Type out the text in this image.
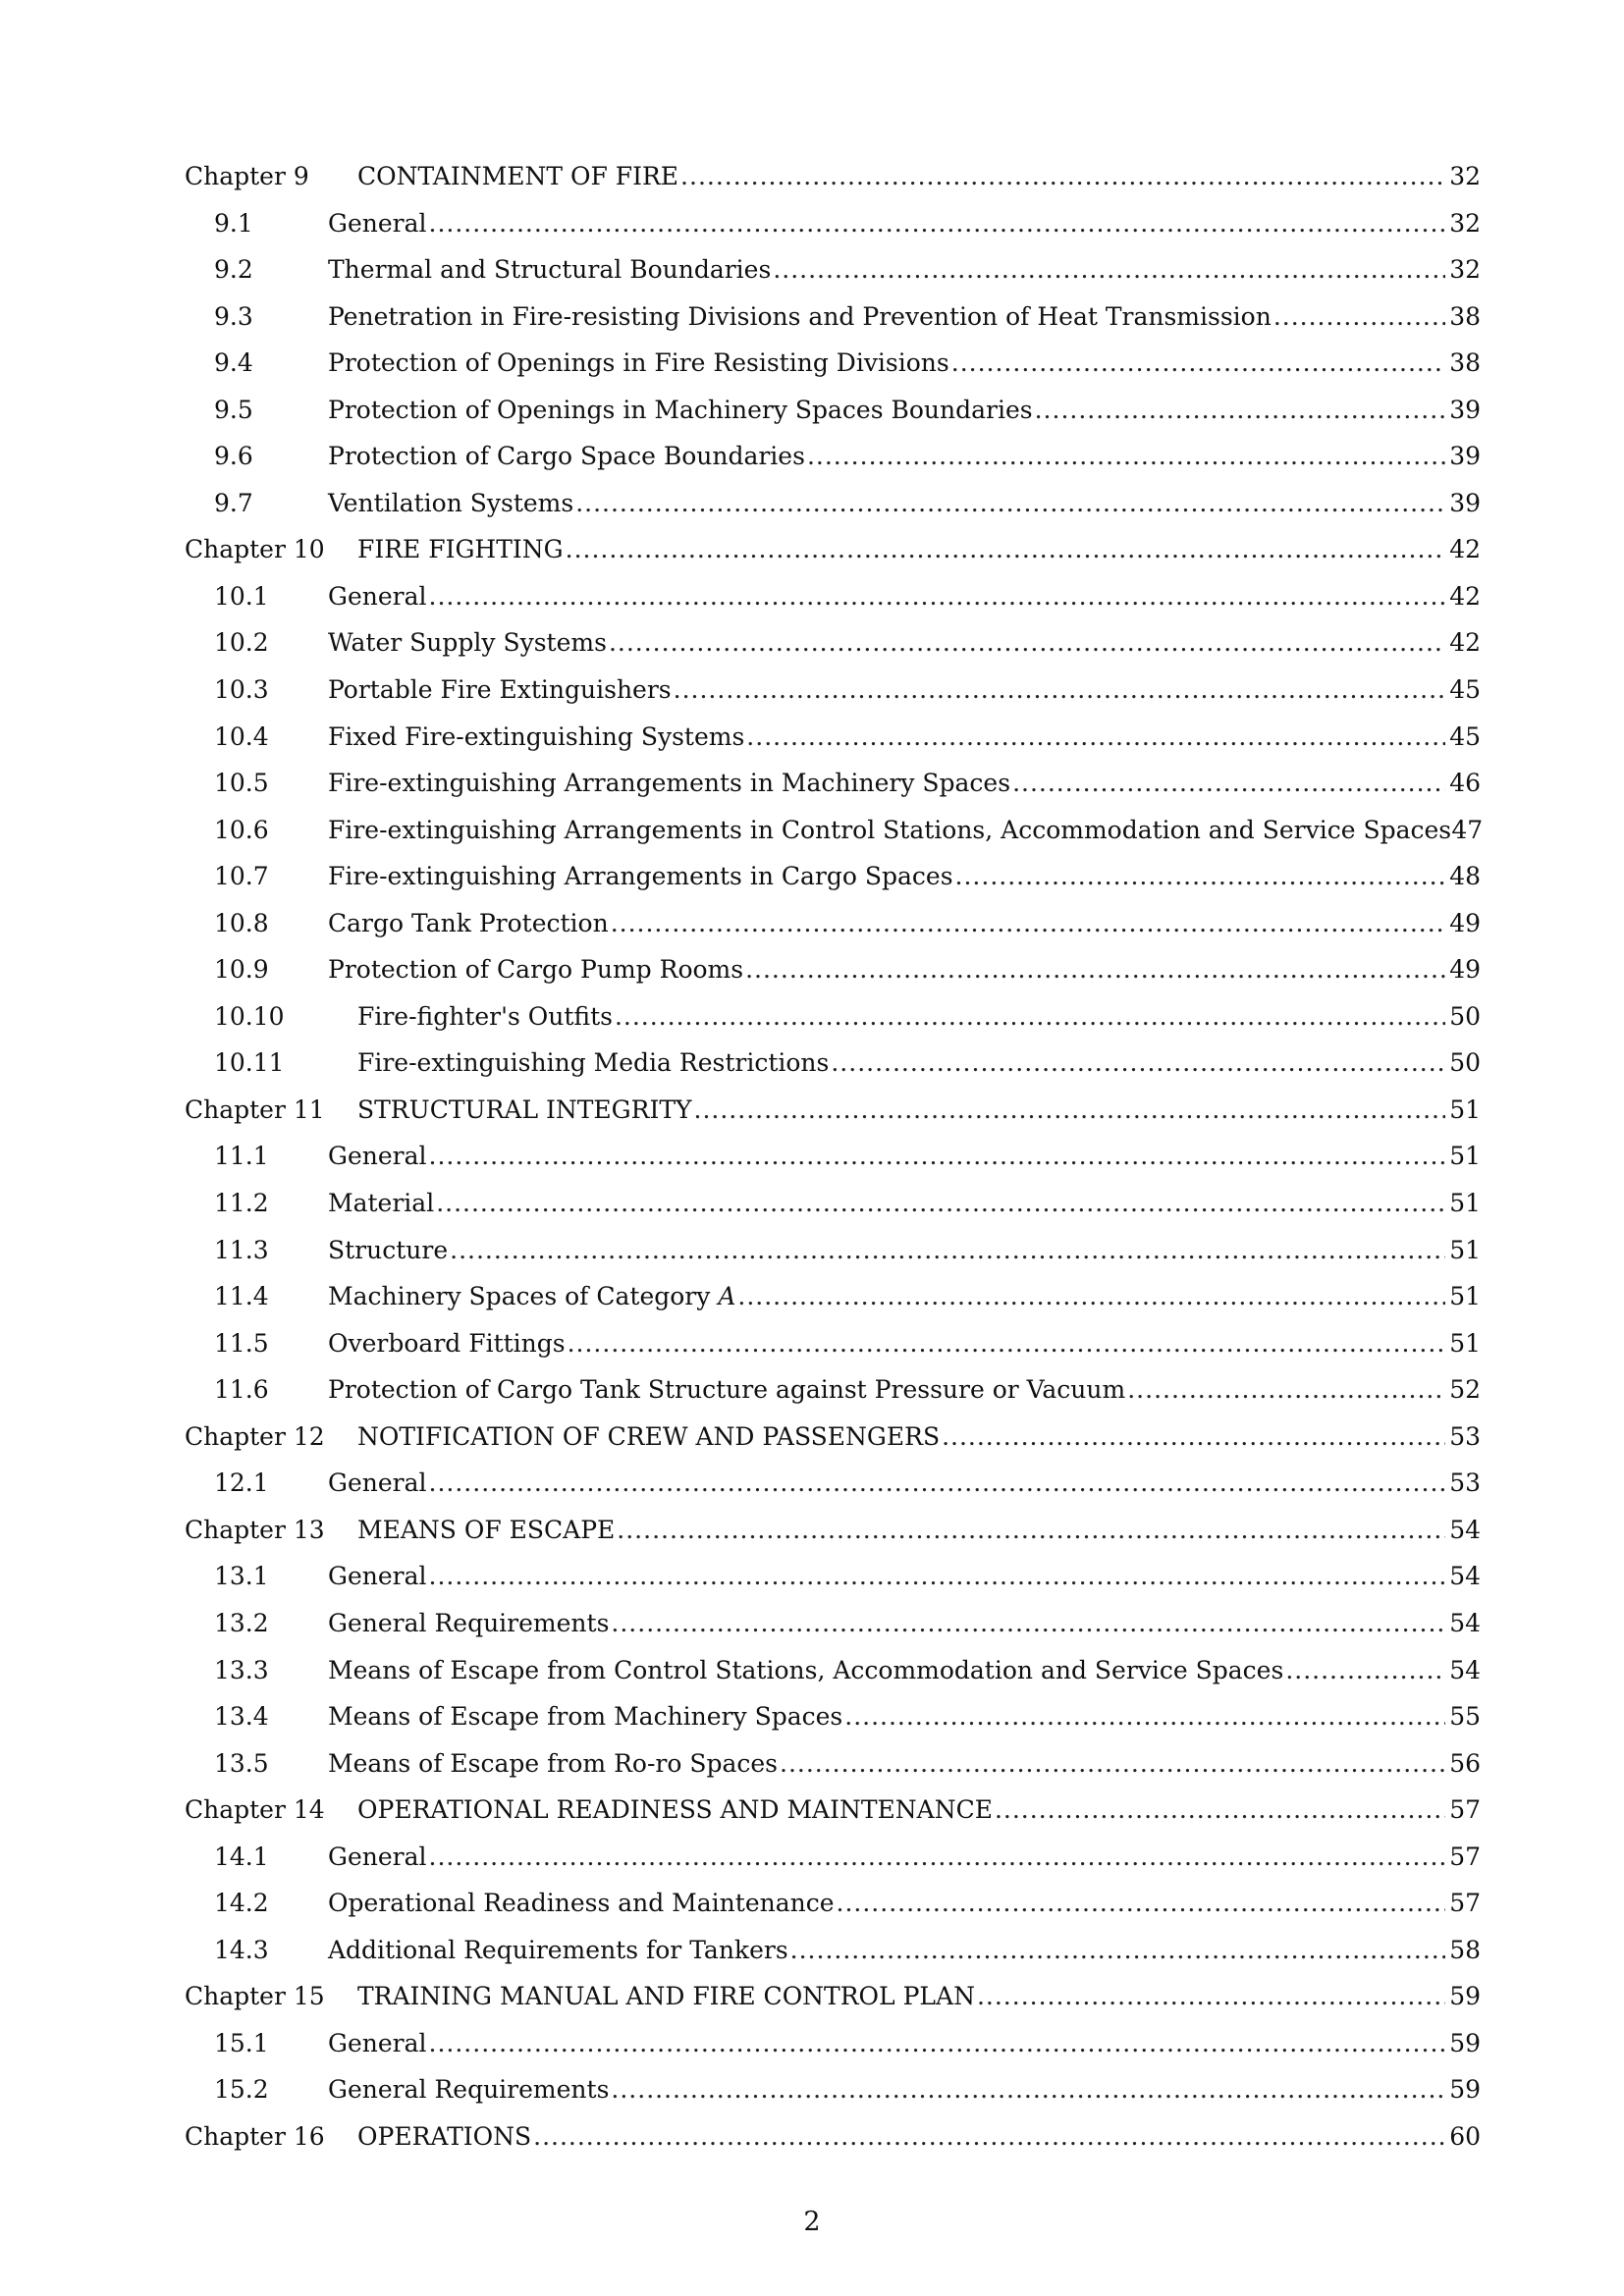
Chapter 9	CONTAINMENT OF FIRE .....	32
9.1	General .....	32
9.2	Thermal and Structural Boundaries .....	32
9.3	Penetration in Fire-resisting Divisions and Prevention of Heat Transmission .....	38
9.4	Protection of Openings in Fire Resisting Divisions .....	38
9.5	Protection of Openings in Machinery Spaces Boundaries .....	39
9.6	Protection of Cargo Space Boundaries .....	39
9.7	Ventilation Systems .....	39
Chapter 10	FIRE FIGHTING .....	42
10.1	General .....	42
10.2	Water Supply Systems .....	42
10.3	Portable Fire Extinguishers .....	45
10.4	Fixed Fire-extinguishing Systems .....	45
10.5	Fire-extinguishing Arrangements in Machinery Spaces .....	46
10.6	Fire-extinguishing Arrangements in Control Stations, Accommodation and Service Spaces 47
10.7	Fire-extinguishing Arrangements in Cargo Spaces .....	48
10.8	Cargo Tank Protection .....	49
10.9	Protection of Cargo Pump Rooms .....	49
10.10	Fire-fighter's Outfits .....	50
10.11	Fire-extinguishing Media Restrictions .....	50
Chapter 11	STRUCTURAL INTEGRITY .....	51
11.1	General .....	51
11.2	Material .....	51
11.3	Structure .....	51
11.4	Machinery Spaces of Category A .....	51
11.5	Overboard Fittings .....	51
11.6	Protection of Cargo Tank Structure against Pressure or Vacuum .....	52
Chapter 12	NOTIFICATION OF CREW AND PASSENGERS .....	53
12.1	General .....	53
Chapter 13	MEANS OF ESCAPE .....	54
13.1	General .....	54
13.2	General Requirements .....	54
13.3	Means of Escape from Control Stations, Accommodation and Service Spaces .....	54
13.4	Means of Escape from Machinery Spaces .....	55
13.5	Means of Escape from Ro-ro Spaces .....	56
Chapter 14	OPERATIONAL READINESS AND MAINTENANCE .....	57
14.1	General .....	57
14.2	Operational Readiness and Maintenance .....	57
14.3	Additional Requirements for Tankers .....	58
Chapter 15	TRAINING MANUAL AND FIRE CONTROL PLAN .....	59
15.1	General .....	59
15.2	General Requirements .....	59
Chapter 16	OPERATIONS .....	60
2
